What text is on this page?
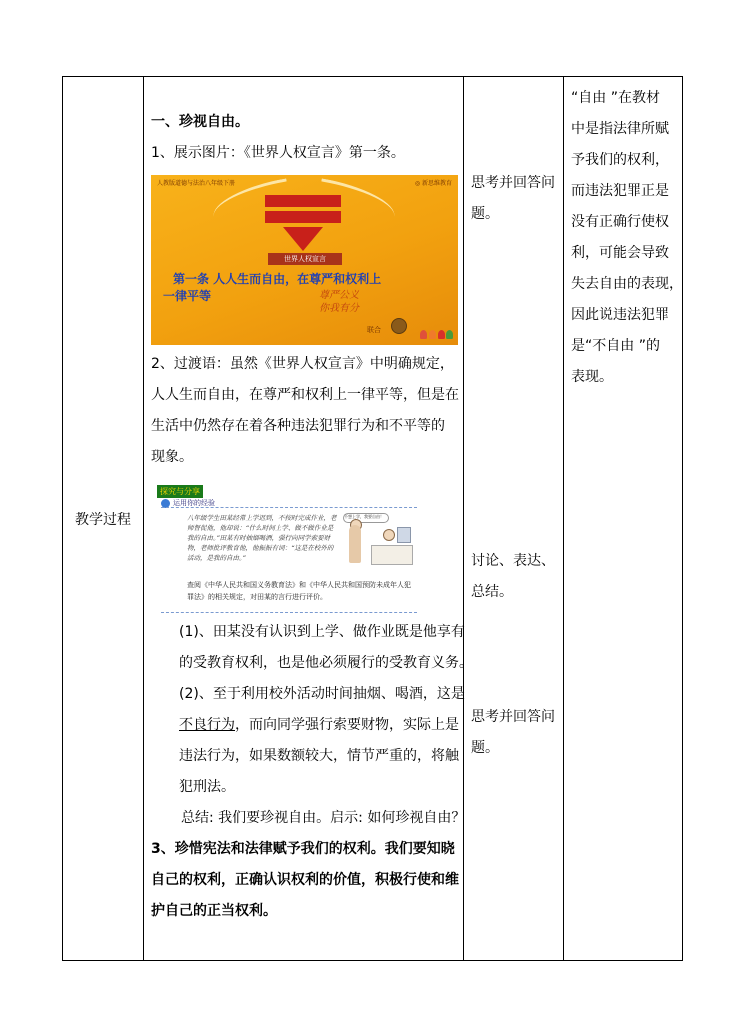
教学过程
一、珍视自由。
1、展示图片：《世界人权宣言》第一条。
人教版道德与法治八年级下册	◎ 新思维教育
世界人权宣言
第一条 人人生而自由，在尊严和权利上
一律平等	尊严公义
你我有分
联合
2、过渡语：虽然《世界人权宣言》中明确规定，
人人生而自由，在尊严和权利上一律平等，但是在
生活中仍然存在着各种违法犯罪行为和不平等的
现象。
探究与分享
运用你的经验
八年级学生田某经常上学迟到，不按时完成作业，老师督促他，他却说：“什么时间上学、做不做作业是我的自由。”田某有时抽烟喝酒，强行向同学索要财物，老师批评教育他，他振振有词：“这是在校外的活动，是我的自由。”
不想上学，我要自由！
查阅《中华人民共和国义务教育法》和《中华人民共和国预防未成年人犯罪法》的相关规定，对田某的言行进行评价。
(1)、田某没有认识到上学、做作业既是他享有
的受教育权利，也是他必须履行的受教育义务。
(2)、至于利用校外活动时间抽烟、喝酒，这是
不良行为，而向同学强行索要财物，实际上是
违法行为，如果数额较大，情节严重的，将触
犯刑法。
总结: 我们要珍视自由。启示: 如何珍视自由？
3、珍惜宪法和法律赋予我们的权利。我们要知晓
自己的权利，正确认识权利的价值，积极行使和维
护自己的正当权利。
思考并回答问
题。
讨论、表达、
总结。
思考并回答问
题。
“自由 ”在教材
中是指法律所赋
予我们的权利，
而违法犯罪正是
没有正确行使权
利，可能会导致
失去自由的表现，
因此说违法犯罪
是“不自由 ”的
表现。
